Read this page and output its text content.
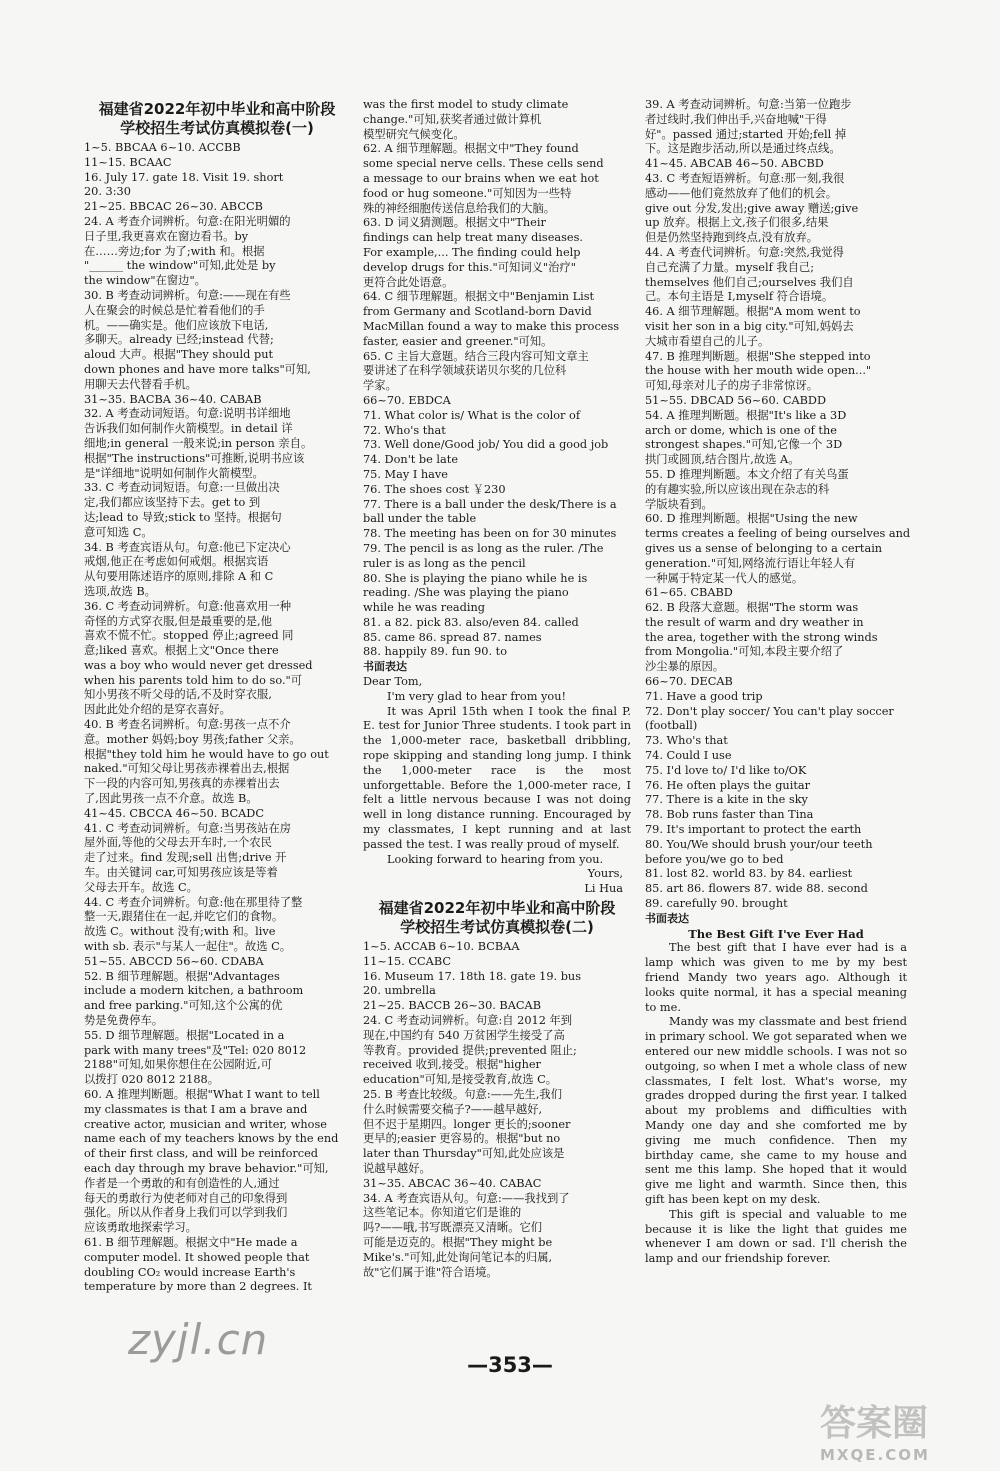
福建省2022年初中毕业和高中阶段
学校招生考试仿真模拟卷(一)
1~5. BBCAA 6~10. ACCBB
11~15. BCAAC
16. July 17. gate 18. Visit 19. short
20. 3:30
21~25. BBCAC 26~30. ABCCB
24. A 考查介词辨析。句意:在阳光明媚的
日子里,我更喜欢在窗边看书。by
在……旁边;for 为了;with 和。根据
"______ the window"可知,此处是 by
the window"在窗边"。
30. B 考查动词辨析。句意:——现在有些
人在聚会的时候总是忙着看他们的手
机。——确实是。他们应该放下电话,
多聊天。already 已经;instead 代替;
aloud 大声。根据"They should put
down phones and have more talks"可知,
用聊天去代替看手机。
31~35. BACBA 36~40. CABAB
32. A 考查动词短语。句意:说明书详细地
告诉我们如何制作火箭模型。in detail 详
细地;in general 一般来说;in person 亲自。
根据"The instructions"可推断,说明书应该
是"详细地"说明如何制作火箭模型。
33. C 考查动词短语。句意:一旦做出决
定,我们都应该坚持下去。get to 到
达;lead to 导致;stick to 坚持。根据句
意可知选 C。
34. B 考查宾语从句。句意:他已下定决心
戒烟,他正在考虑如何戒烟。根据宾语
从句要用陈述语序的原则,排除 A 和 C
选项,故选 B。
36. C 考查动词辨析。句意:他喜欢用一种
奇怪的方式穿衣服,但是最重要的是,他
喜欢不慌不忙。stopped 停止;agreed 同
意;liked 喜欢。根据上文"Once there
was a boy who would never get dressed
when his parents told him to do so."可
知小男孩不听父母的话,不及时穿衣服,
因此此处介绍的是穿衣喜好。
40. B 考查名词辨析。句意:男孩一点不介
意。mother 妈妈;boy 男孩;father 父亲。
根据"they told him he would have to go out
naked."可知父母让男孩赤裸着出去,根据
下一段的内容可知,男孩真的赤裸着出去
了,因此男孩一点不介意。故选 B。
41~45. CBCCA 46~50. BCADC
41. C 考查动词辨析。句意:当男孩站在房
屋外面,等他的父母去开车时,一个农民
走了过来。find 发现;sell 出售;drive 开
车。由关键词 car,可知男孩应该是等着
父母去开车。故选 C。
44. C 考查介词辨析。句意:他在那里待了整
整一天,跟猪住在一起,并吃它们的食物。
故选 C。without 没有;with 和。live
with sb. 表示"与某人一起住"。故选 C。
51~55. ABCCD 56~60. CDABA
52. B 细节理解题。根据"Advantages
include a modern kitchen, a bathroom
and free parking."可知,这个公寓的优
势是免费停车。
55. D 细节理解题。根据"Located in a
park with many trees"及"Tel: 020 8012
2188"可知,如果你想住在公园附近,可
以拨打 020 8012 2188。
60. A 推理判断题。根据"What I want to tell
my classmates is that I am a brave and
creative actor, musician and writer, whose
name each of my teachers knows by the end
of their first class, and will be reinforced
each day through my brave behavior."可知,
作者是一个勇敢的和有创造性的人,通过
每天的勇敢行为使老师对自己的印象得到
强化。所以从作者身上我们可以学到我们
应该勇敢地探索学习。
61. B 细节理解题。根据文中"He made a
computer model. It showed people that
doubling CO₂ would increase Earth's
temperature by more than 2 degrees. It
was the first model to study climate
change."可知,获奖者通过做计算机
模型研究气候变化。
62. A 细节理解题。根据文中"They found
some special nerve cells. These cells send
a message to our brains when we eat hot
food or hug someone."可知因为一些特
殊的神经细胞传送信息给我们的大脑。
63. D 词义猜测题。根据文中"Their
findings can help treat many diseases.
For example,... The finding could help
develop drugs for this."可知词义"治疗"
更符合此处语意。
64. C 细节理解题。根据文中"Benjamin List
from Germany and Scotland-born David
MacMillan found a way to make this process
faster, easier and greener."可知。
65. C 主旨大意题。结合三段内容可知文章主
要讲述了在科学领域获诺贝尔奖的几位科
学家。
66~70. EBDCA
71. What color is/ What is the color of
72. Who's that
73. Well done/Good job/ You did a good job
74. Don't be late
75. May I have
76. The shoes cost ￥230
77. There is a ball under the desk/There is a
ball under the table
78. The meeting has been on for 30 minutes
79. The pencil is as long as the ruler. /The
ruler is as long as the pencil
80. She is playing the piano while he is
reading. /She was playing the piano
while he was reading
81. a 82. pick 83. also/even 84. called
85. came 86. spread 87. names
88. happily 89. fun 90. to
书面表达
Dear Tom,

I'm very glad to hear from you!

It was April 15th when I took the final P. E. test for Junior Three students. I took part in the 1,000-meter race, basketball dribbling, rope skipping and standing long jump. I think the 1,000-meter race is the most unforgettable. Before the 1,000-meter race, I felt a little nervous because I was not doing well in long distance running. Encouraged by my classmates, I kept running and at last passed the test. I was really proud of myself.

Looking forward to hearing from you.

Yours,
Li Hua
福建省2022年初中毕业和高中阶段
学校招生考试仿真模拟卷(二)
1~5. ACCAB 6~10. BCBAA
11~15. CCABC
16. Museum 17. 18th 18. gate 19. bus
20. umbrella
21~25. BACCB 26~30. BACAB
24. C 考查动词辨析。句意:自 2012 年到
现在,中国约有 540 万贫困学生接受了高
等教育。provided 提供;prevented 阻止;
received 收到,接受。根据"higher
education"可知,是接受教育,故选 C。
25. B 考查比较级。句意:——先生,我们
什么时候需要交稿子?——越早越好,
但不迟于星期四。longer 更长的;sooner
更早的;easier 更容易的。根据"but no
later than Thursday"可知,此处应该是
说越早越好。
31~35. ABCAC 36~40. CABAC
34. A 考查宾语从句。句意:——我找到了
这些笔记本。你知道它们是谁的
吗?——哦,书写既漂亮又清晰。它们
可能是迈克的。根据"They might be
Mike's."可知,此处询问笔记本的归属,
故"它们属于谁"符合语境。
39. A 考查动词辨析。句意:当第一位跑步
者过线时,我们伸出手,兴奋地喊"干得
好"。passed 通过;started 开始;fell 掉
下。这是跑步活动,所以是通过终点线。
41~45. ABCAB 46~50. ABCBD
43. C 考查短语辨析。句意:那一刻,我很
感动——他们竟然放弃了他们的机会。
give out 分发,发出;give away 赠送;give
up 放弃。根据上文,孩子们很多,结果
但是仍然坚持跑到终点,没有放弃。
44. A 考查代词辨析。句意:突然,我觉得
自己充满了力量。myself 我自己;
themselves 他们自己;ourselves 我们自
己。本句主语是 I,myself 符合语境。
46. A 细节理解题。根据"A mom went to
visit her son in a big city."可知,妈妈去
大城市看望自己的儿子。
47. B 推理判断题。根据"She stepped into
the house with her mouth wide open..."
可知,母亲对儿子的房子非常惊讶。
51~55. DBCAD 56~60. CABDD
54. A 推理判断题。根据"It's like a 3D
arch or dome, which is one of the
strongest shapes."可知,它像一个 3D
拱门或圆顶,结合图片,故选 A。
55. D 推理判断题。本文介绍了有关鸟蛋
的有趣实验,所以应该出现在杂志的科
学版块看到。
60. D 推理判断题。根据"Using the new
terms creates a feeling of being ourselves and
gives us a sense of belonging to a certain
generation."可知,网络流行语让年轻人有
一种属于特定某一代人的感觉。
61~65. CBABD
62. B 段落大意题。根据"The storm was
the result of warm and dry weather in
the area, together with the strong winds
from Mongolia."可知,本段主要介绍了
沙尘暴的原因。
66~70. DECAB
71. Have a good trip
72. Don't play soccer/ You can't play soccer
(football)
73. Who's that
74. Could I use
75. I'd love to/ I'd like to/OK
76. He often plays the guitar
77. There is a kite in the sky
78. Bob runs faster than Tina
79. It's important to protect the earth
80. You/We should brush your/our teeth
before you/we go to bed
81. lost 82. world 83. by 84. earliest
85. art 86. flowers 87. wide 88. second
89. carefully 90. brought
书面表达
The Best Gift I've Ever Had

The best gift that I have ever had is a lamp which was given to me by my best friend Mandy two years ago. Although it looks quite normal, it has a special meaning to me.

Mandy was my classmate and best friend in primary school. We got separated when we entered our new middle schools. I was not so outgoing, so when I met a whole class of new classmates, I felt lost. What's worse, my grades dropped during the first year. I talked about my problems and difficulties with Mandy one day and she comforted me by giving me much confidence. Then my birthday came, she came to my house and sent me this lamp. She hoped that it would give me light and warmth. Since then, this gift has been kept on my desk.

This gift is special and valuable to me because it is like the light that guides me whenever I am down or sad. I'll cherish the lamp and our friendship forever.

—353—
zyjl.cn
答案圈
MXQE.COM
